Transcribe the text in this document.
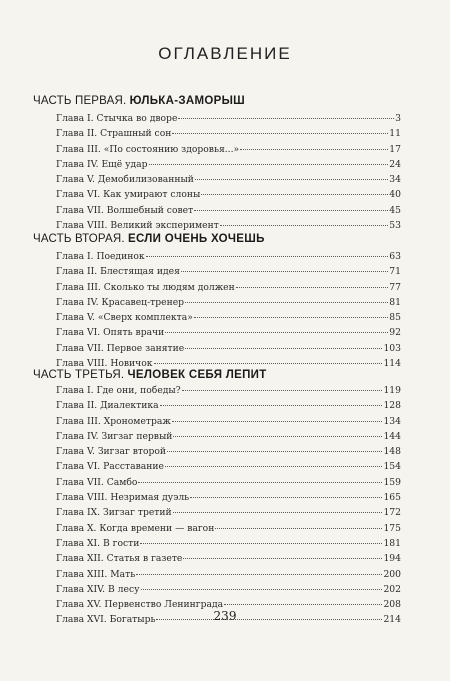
ОГЛАВЛЕНИЕ
ЧАСТЬ ПЕРВАЯ. ЮЛЬКА-ЗАМОРЫШ
Глава I. Стычка во дворе	3
Глава II. Страшный сон	11
Глава III. «По состоянию здоровья...»	17
Глава IV. Ещё удар	24
Глава V. Демобилизованный	34
Глава VI. Как умирают слоны	40
Глава VII. Волшебный совет	45
Глава VIII. Великий эксперимент	53
ЧАСТЬ ВТОРАЯ. ЕСЛИ ОЧЕНЬ ХОЧЕШЬ
Глава I. Поединок	63
Глава II. Блестящая идея	71
Глава III. Сколько ты людям должен	77
Глава IV. Красавец-тренер	81
Глава V. «Сверх комплекта»	85
Глава VI. Опять врачи	92
Глава VII. Первое занятие	103
Глава VIII. Новичок	114
ЧАСТЬ ТРЕТЬЯ. ЧЕЛОВЕК СЕБЯ ЛЕПИТ
Глава I. Где они, победы?	119
Глава II. Диалектика	128
Глава III. Хронометраж	134
Глава IV. Зигзаг первый	144
Глава V. Зигзаг второй	148
Глава VI. Расставание	154
Глава VII. Самбо	159
Глава VIII. Незримая дуэль	165
Глава IX. Зигзаг третий	172
Глава X. Когда времени — вагон	175
Глава XI. В гости	181
Глава XII. Статья в газете	194
Глава XIII. Мать	200
Глава XIV. В лесу	202
Глава XV. Первенство Ленинграда	208
Глава XVI. Богатырь	214
239
